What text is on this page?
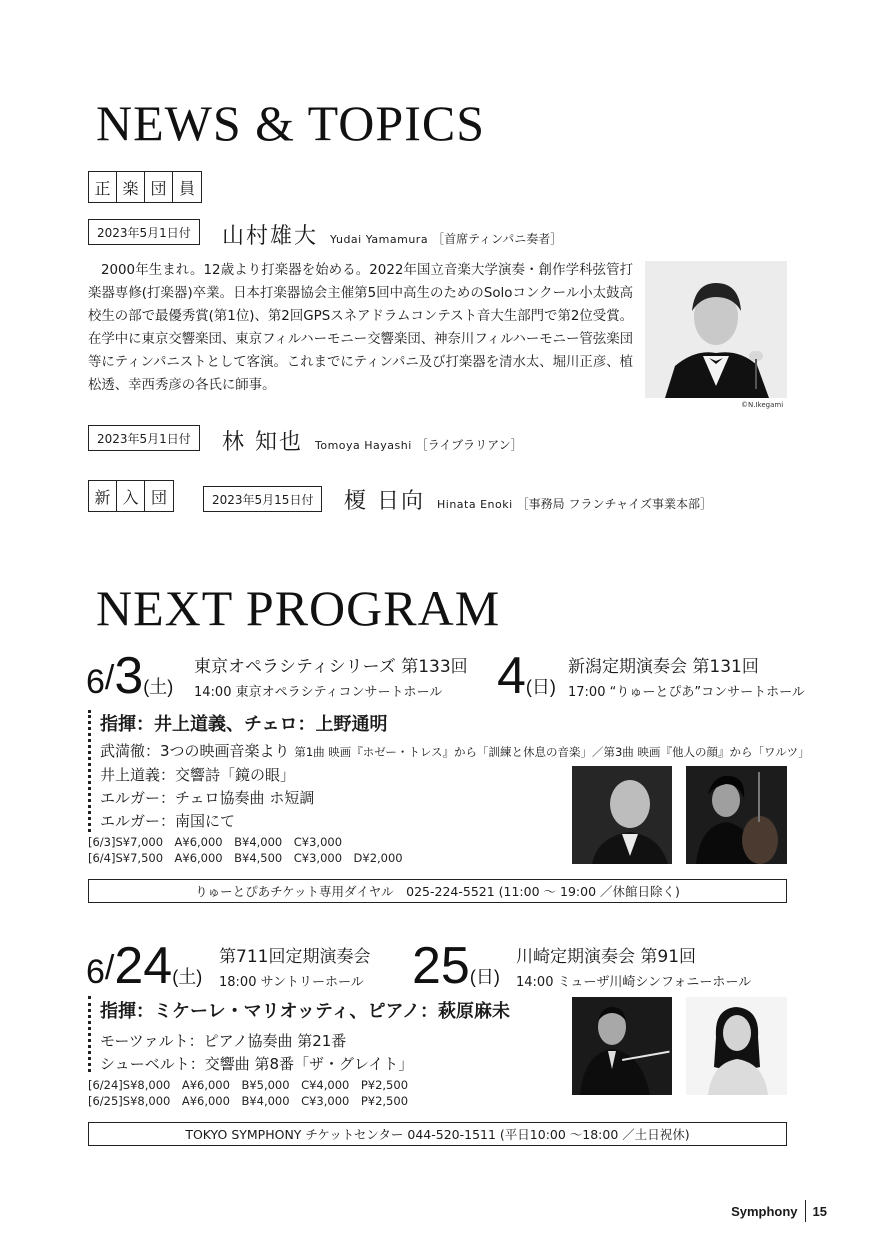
NEWS & TOPICS
正 楽 団 員
2023年5月1日付	山村雄大 Yudai Yamamura ［首席ティンパニ奏者］

2000年生まれ。12歳より打楽器を始める。2022年国立音楽大学演奏・創作学科弦管打楽器専修(打楽器)卒業。日本打楽器協会主催第5回中高生のためのSoloコンクール小太鼓高校生の部で最優秀賞(第1位)、第2回GPSスネアドラムコンテスト音大生部門で第2位受賞。在学中に東京交響楽団、東京フィルハーモニー交響楽団、神奈川フィルハーモニー管弦楽団等にティンパニストとして客演。これまでにティンパニ及び打楽器を清水太、堀川正彦、植松透、幸西秀彦の各氏に師事。

©N.Ikegami
2023年5月1日付	林 知也 Tomoya Hayashi ［ライブラリアン］
新 入 団	2023年5月15日付	榎 日向 Hinata Enoki ［事務局 フランチャイズ事業本部］
NEXT PROGRAM
6/3(土)
東京オペラシティシリーズ 第133回
14:00 東京オペラシティコンサートホール	4(日)
新潟定期演奏会 第131回
17:00 “りゅーとぴあ”コンサートホール
指揮：井上道義、チェロ：上野通明
武満徹：3つの映画音楽より 第1曲 映画『ホゼー・トレス』から「訓練と休息の音楽」／第3曲 映画『他人の顔』から「ワルツ」
井上道義：交響詩「鏡の眼」
エルガー：チェロ協奏曲 ホ短調
エルガー：南国にて
[6/3]S¥7,000　A¥6,000　B¥4,000　C¥3,000
[6/4]S¥7,500　A¥6,000　B¥4,500　C¥3,000　D¥2,000
りゅーとぴあチケット専用ダイヤル　025-224-5521 (11:00 ～ 19:00 ／休館日除く)
6/24(土)
第711回定期演奏会
18:00 サントリーホール 25(日)
川崎定期演奏会 第91回
14:00 ミューザ川崎シンフォニーホール
指揮：ミケーレ・マリオッティ、ピアノ：萩原麻未
モーツァルト：ピアノ協奏曲 第21番
シューベルト：交響曲 第8番「ザ・グレイト」
[6/24]S¥8,000　A¥6,000　B¥5,000　C¥4,000　P¥2,500
[6/25]S¥8,000　A¥6,000　B¥4,000　C¥3,000　P¥2,500
TOKYO SYMPHONY チケットセンター 044-520-1511 (平日10:00 ～18:00 ／土日祝休)
Symphony 15
